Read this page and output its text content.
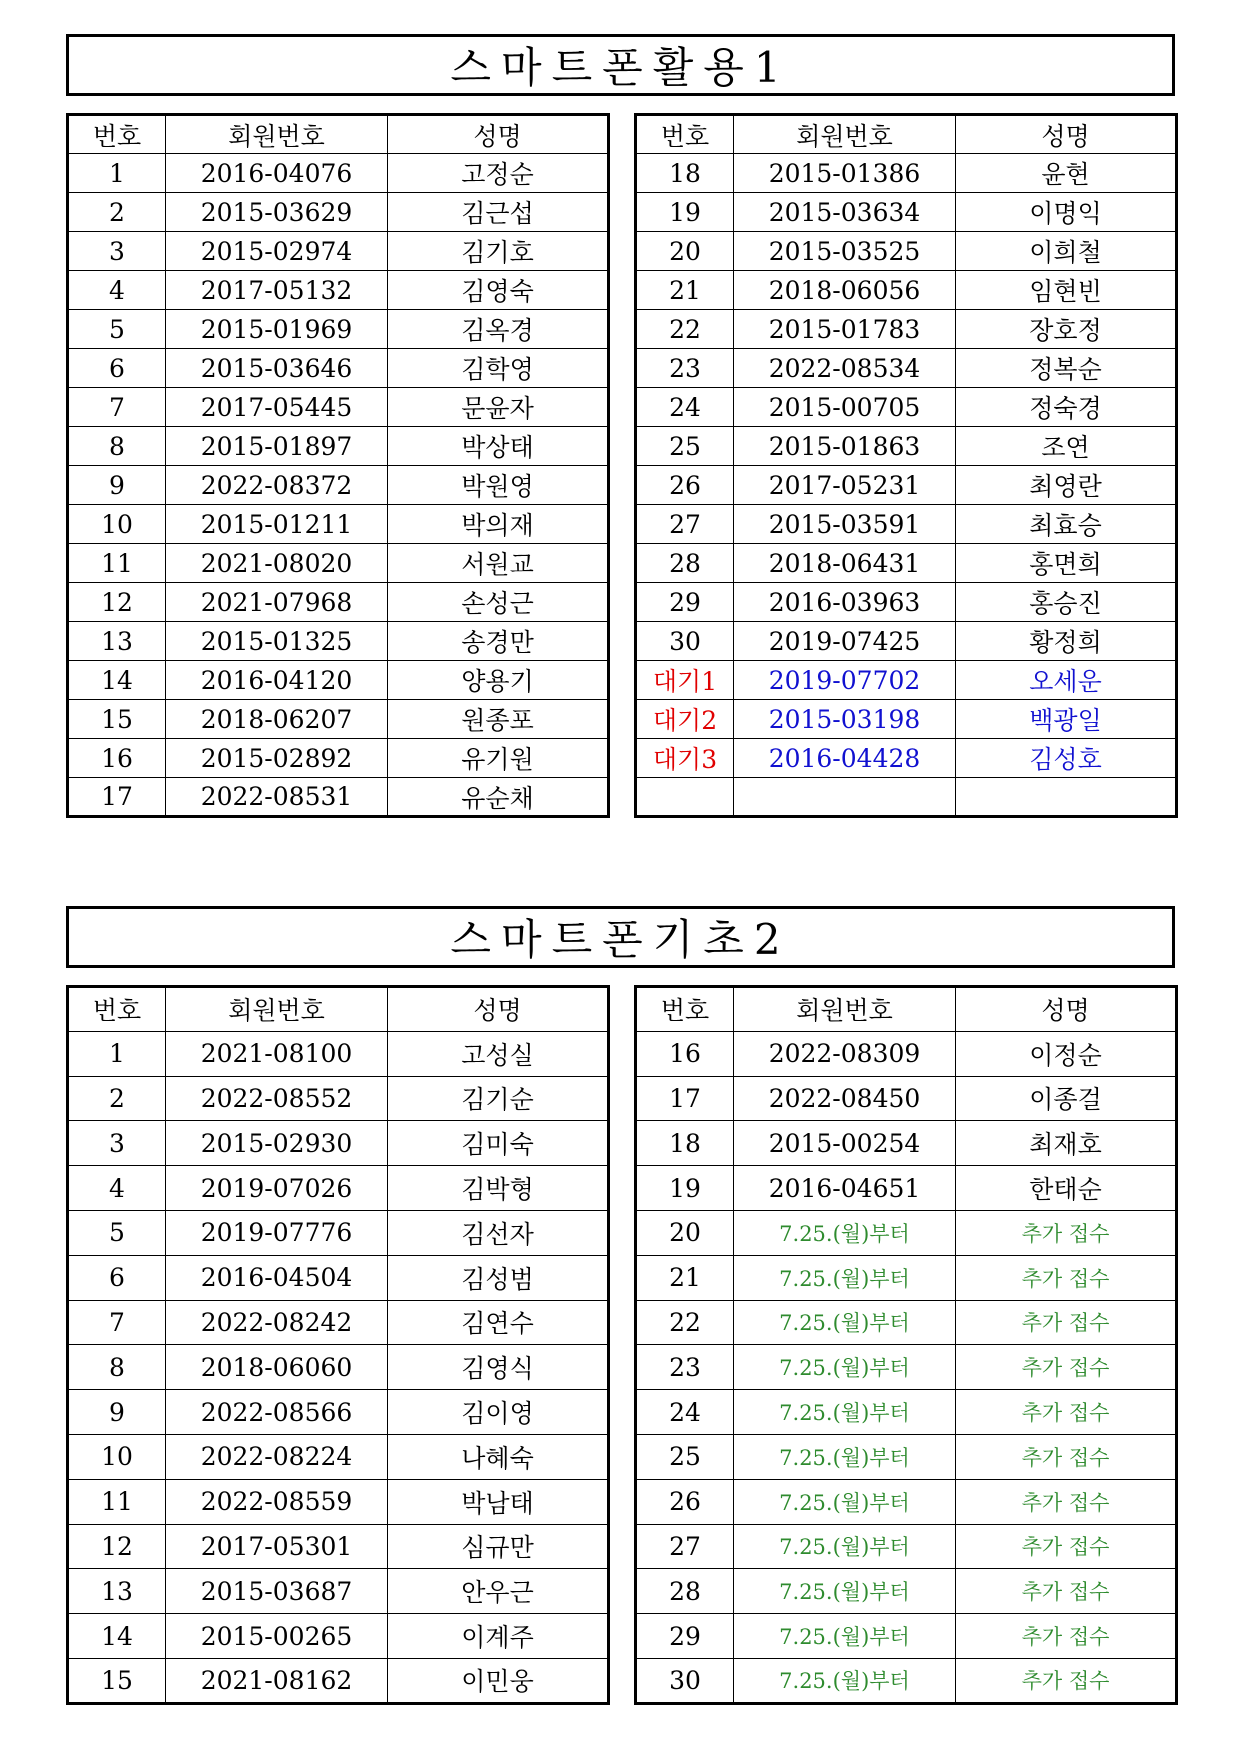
스마트폰활용1
번호	회원번호	성명
1	2016-04076	고정순
2	2015-03629	김근섭
3	2015-02974	김기호
4	2017-05132	김영숙
5	2015-01969	김옥경
6	2015-03646	김학영
7	2017-05445	문윤자
8	2015-01897	박상태
9	2022-08372	박원영
10	2015-01211	박의재
11	2021-08020	서원교
12	2021-07968	손성근
13	2015-01325	송경만
14	2016-04120	양용기
15	2018-06207	원종포
16	2015-02892	유기원
17	2022-08531	유순채
번호	회원번호	성명
18	2015-01386	윤현
19	2015-03634	이명익
20	2015-03525	이희철
21	2018-06056	임현빈
22	2015-01783	장호정
23	2022-08534	정복순
24	2015-00705	정숙경
25	2015-01863	조연
26	2017-05231	최영란
27	2015-03591	최효승
28	2018-06431	홍면희
29	2016-03963	홍승진
30	2019-07425	황정희
대기1	2019-07702	오세운
대기2	2015-03198	백광일
대기3	2016-04428	김성호

스마트폰기초2
번호	회원번호	성명
1	2021-08100	고성실
2	2022-08552	김기순
3	2015-02930	김미숙
4	2019-07026	김박형
5	2019-07776	김선자
6	2016-04504	김성범
7	2022-08242	김연수
8	2018-06060	김영식
9	2022-08566	김이영
10	2022-08224	나혜숙
11	2022-08559	박남태
12	2017-05301	심규만
13	2015-03687	안우근
14	2015-00265	이계주
15	2021-08162	이민웅
번호	회원번호	성명
16	2022-08309	이정순
17	2022-08450	이종걸
18	2015-00254	최재호
19	2016-04651	한태순
20	7.25.(월)부터	추가 접수
21	7.25.(월)부터	추가 접수
22	7.25.(월)부터	추가 접수
23	7.25.(월)부터	추가 접수
24	7.25.(월)부터	추가 접수
25	7.25.(월)부터	추가 접수
26	7.25.(월)부터	추가 접수
27	7.25.(월)부터	추가 접수
28	7.25.(월)부터	추가 접수
29	7.25.(월)부터	추가 접수
30	7.25.(월)부터	추가 접수
